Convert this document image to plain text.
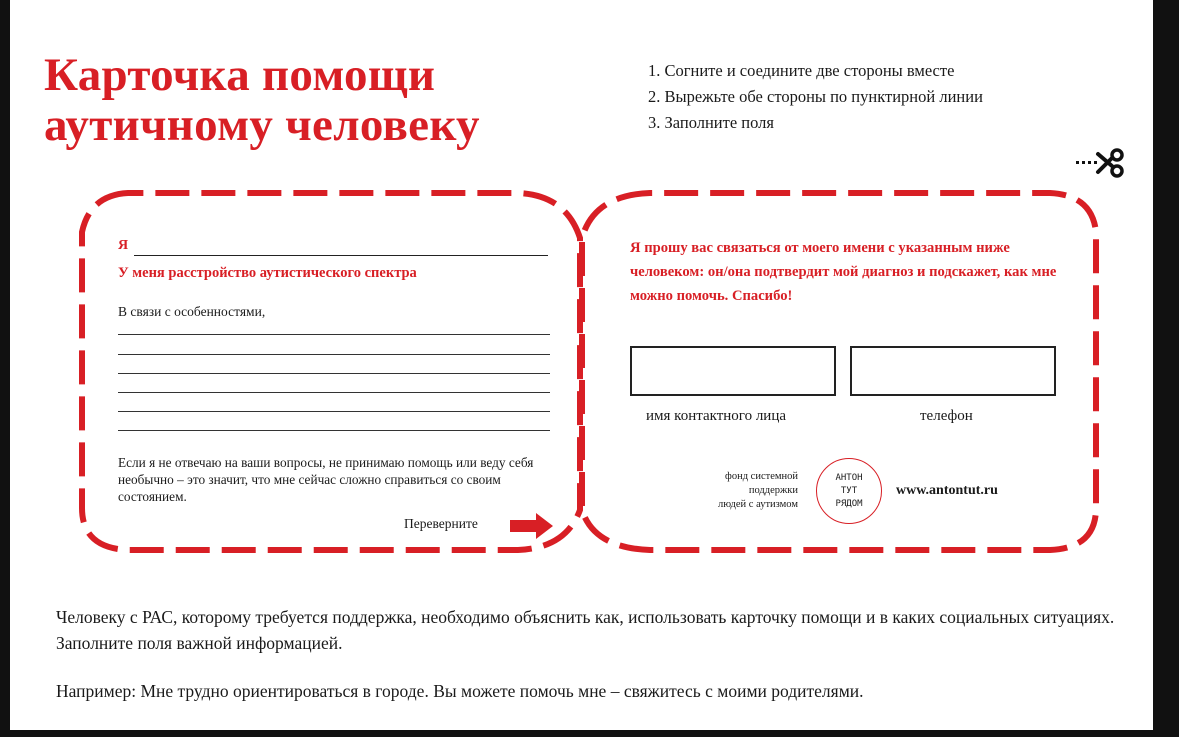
Карточка помощи
аутичному человеку
1. Согните и соедините две стороны вместе
2. Вырежьте обе стороны по пунктирной линии
3. Заполните поля
Я
У меня расстройство аутистического спектра
В связи с особенностями,
Если я не отвечаю на ваши вопросы, не принимаю помощь или веду себя необычно – это значит, что мне сейчас сложно справиться со своим состоянием.
Переверните
Я прошу вас связаться от моего имени с указанным ниже человеком: он/она подтвердит мой диагноз и подскажет, как мне можно помочь. Спасибо!
имя контактного лица	телефон
фонд системной
поддержки
людей с аутизмом
АНТОН
ТУТ
РЯДОМ
www.antontut.ru

Человеку с РАС, которому требуется поддержка, необходимо объяснить как, использовать карточку помощи и в каких социальных ситуациях. Заполните поля важной информацией.

Например: Мне трудно ориентироваться в городе. Вы можете помочь мне – свяжитесь с моими родителями.
